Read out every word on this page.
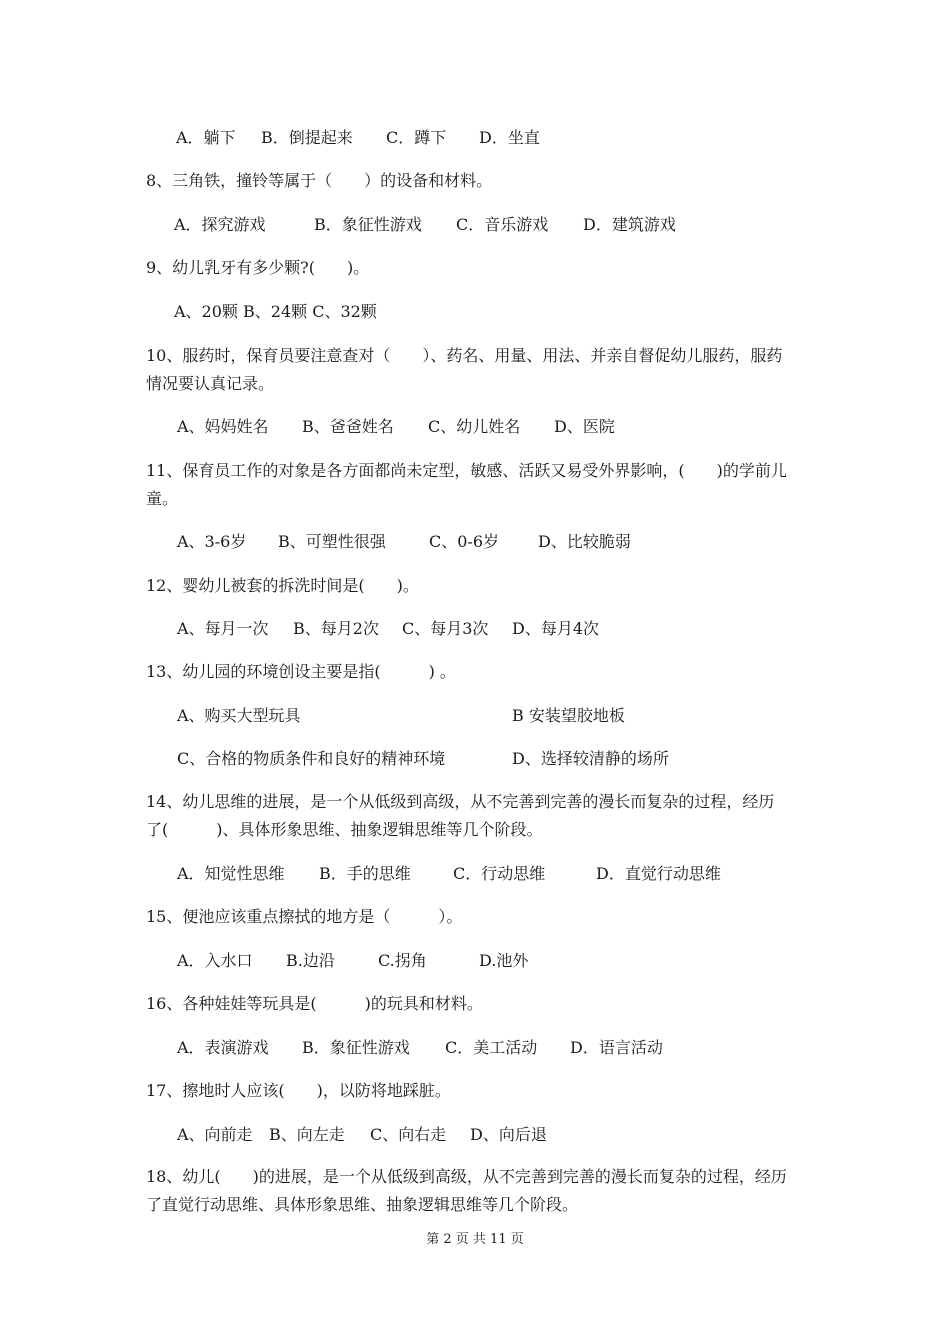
A．躺下 B．倒提起来 C．蹲下 D．坐直
8、三角铁，撞铃等属于（　　）的设备和材料。
A．探究游戏	B．象征性游戏 C．音乐游戏 D．建筑游戏
9、幼儿乳牙有多少颗?(　　)。
A、20颗 B、24颗 C、32颗
10、服药时，保育员要注意查对（　　）、药名、用量、用法、并亲自督促幼儿服药，服药
情况要认真记录。
A、妈妈姓名 B、爸爸姓名 C、幼儿姓名 D、医院
11、保育员工作的对象是各方面都尚未定型，敏感、活跃又易受外界影响，(　　)的学前儿
童。
A、3-6岁 B、可塑性很强	C、0-6岁 D、比较脆弱
12、婴幼儿被套的拆洗时间是(　　)。
A、每月一次 B、每月2次 C、每月3次 D、每月4次
13、幼儿园的环境创设主要是指(　　　) 。
A、购买大型玩具	B 安装望胶地板
C、合格的物质条件和良好的精神环境	D、选择较清静的场所
14、幼儿思维的进展，是一个从低级到高级，从不完善到完善的漫长而复杂的过程，经历
了(　　　)、具体形象思维、抽象逻辑思维等几个阶段。
A．知觉性思维 B．手的思维	C．行动思维	D．直觉行动思维
15、便池应该重点擦拭的地方是（　　　）。
A．入水口 B.边沿	C.拐角	D.池外
16、各种娃娃等玩具是(　　　)的玩具和材料。
A．表演游戏 B．象征性游戏 C．美工活动 D．语言活动
17、擦地时人应该(　　)，以防将地踩脏。
A、向前走 B、向左走 C、向右走 D、向后退
18、幼儿(　　)的进展，是一个从低级到高级，从不完善到完善的漫长而复杂的过程，经历
了直觉行动思维、具体形象思维、抽象逻辑思维等几个阶段。
第 2 页 共 11 页
